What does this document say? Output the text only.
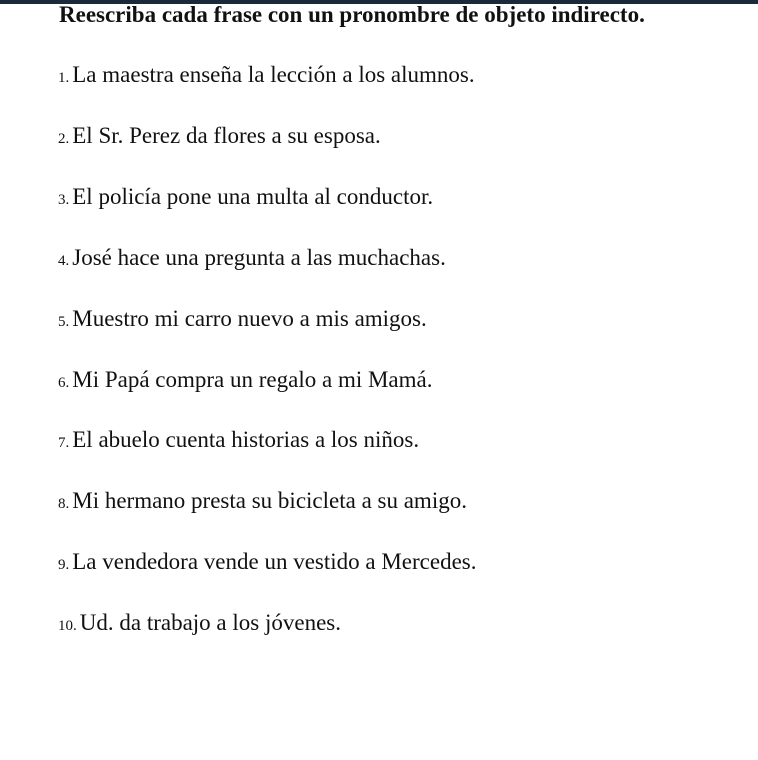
Reescriba cada frase con un pronombre de objeto indirecto.
1. La maestra enseña la lección a los alumnos.
2. El Sr. Perez da flores a su esposa.
3. El policía pone una multa al conductor.
4. José hace una pregunta a las muchachas.
5. Muestro mi carro nuevo a mis amigos.
6. Mi Papá compra un regalo a mi Mamá.
7. El abuelo cuenta historias a los niños.
8. Mi hermano presta su bicicleta a su amigo.
9. La vendedora vende un vestido a Mercedes.
10. Ud. da trabajo a los jóvenes.
